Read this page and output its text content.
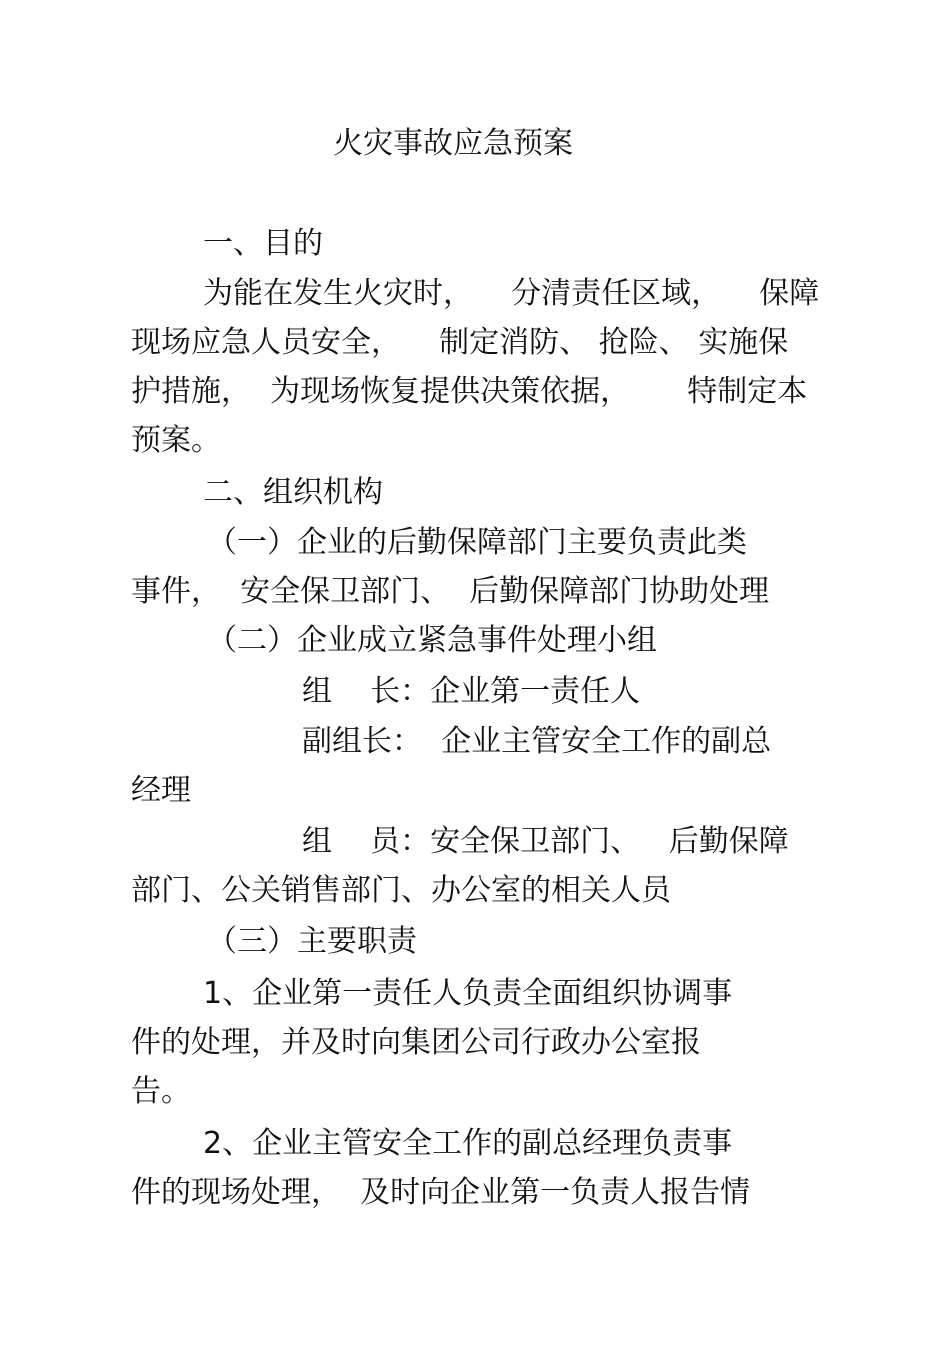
火灾事故应急预案
一、目的
为能在发生火灾时，    分清责任区域，    保障
现场应急人员安全，    制定消防、 抢险、 实施保
护措施，  为现场恢复提供决策依据，      特制定本
预案。
二、组织机构
（一）企业的后勤保障部门主要负责此类
事件，  安全保卫部门、  后勤保障部门协助处理
（二）企业成立紧急事件处理小组
组    长：企业第一责任人
副组长：  企业主管安全工作的副总
经理
组    员：安全保卫部门、   后勤保障
部门、公关销售部门、办公室的相关人员
（三）主要职责
1、企业第一责任人负责全面组织协调事
件的处理，并及时向集团公司行政办公室报
告。
2、企业主管安全工作的副总经理负责事
件的现场处理，  及时向企业第一负责人报告情
